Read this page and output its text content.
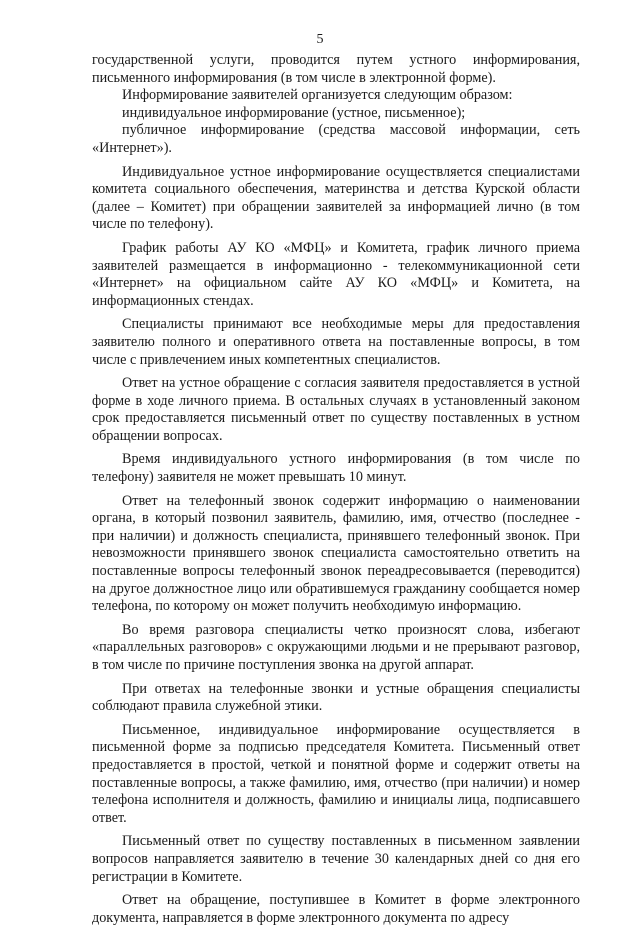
5

государственной услуги, проводится путем устного информирования, письменного информирования (в том числе в электронной форме).

Информирование заявителей организуется следующим образом:

индивидуальное информирование (устное, письменное);

публичное информирование (средства массовой информации, сеть «Интернет»).

Индивидуальное устное информирование осуществляется специалистами комитета социального обеспечения, материнства и детства Курской области (далее – Комитет) при обращении заявителей за информацией лично (в том числе по телефону).

График работы АУ КО «МФЦ» и Комитета, график личного приема заявителей размещается в информационно - телекоммуникационной сети «Интернет» на официальном сайте АУ КО «МФЦ» и Комитета, на информационных стендах.

Специалисты принимают все необходимые меры для предоставления заявителю полного и оперативного ответа на поставленные вопросы, в том числе с привлечением иных компетентных специалистов.

Ответ на устное обращение с согласия заявителя предоставляется в устной форме в ходе личного приема. В остальных случаях в установленный законом срок предоставляется письменный ответ по существу поставленных в устном обращении вопросах.

Время индивидуального устного информирования (в том числе по телефону) заявителя не может превышать 10 минут.

Ответ на телефонный звонок содержит информацию о наименовании органа, в который позвонил заявитель, фамилию, имя, отчество (последнее - при наличии) и должность специалиста, принявшего телефонный звонок. При невозможности принявшего звонок специалиста самостоятельно ответить на поставленные вопросы телефонный звонок переадресовывается (переводится) на другое должностное лицо или обратившемуся гражданину сообщается номер телефона, по которому он может получить необходимую информацию.

Во время разговора специалисты четко произносят слова, избегают «параллельных разговоров» с окружающими людьми и не прерывают разговор, в том числе по причине поступления звонка на другой аппарат.

При ответах на телефонные звонки и устные обращения специалисты соблюдают правила служебной этики.

Письменное, индивидуальное информирование осуществляется в письменной форме за подписью председателя Комитета. Письменный ответ предоставляется в простой, четкой и понятной форме и содержит ответы на поставленные вопросы, а также фамилию, имя, отчество (при наличии) и номер телефона исполнителя и должность, фамилию и инициалы лица, подписавшего ответ.

Письменный ответ по существу поставленных в письменном заявлении вопросов направляется заявителю в течение 30 календарных дней со дня его регистрации в Комитете.

Ответ на обращение, поступившее в Комитет в форме электронного документа, направляется в форме электронного документа по адресу
